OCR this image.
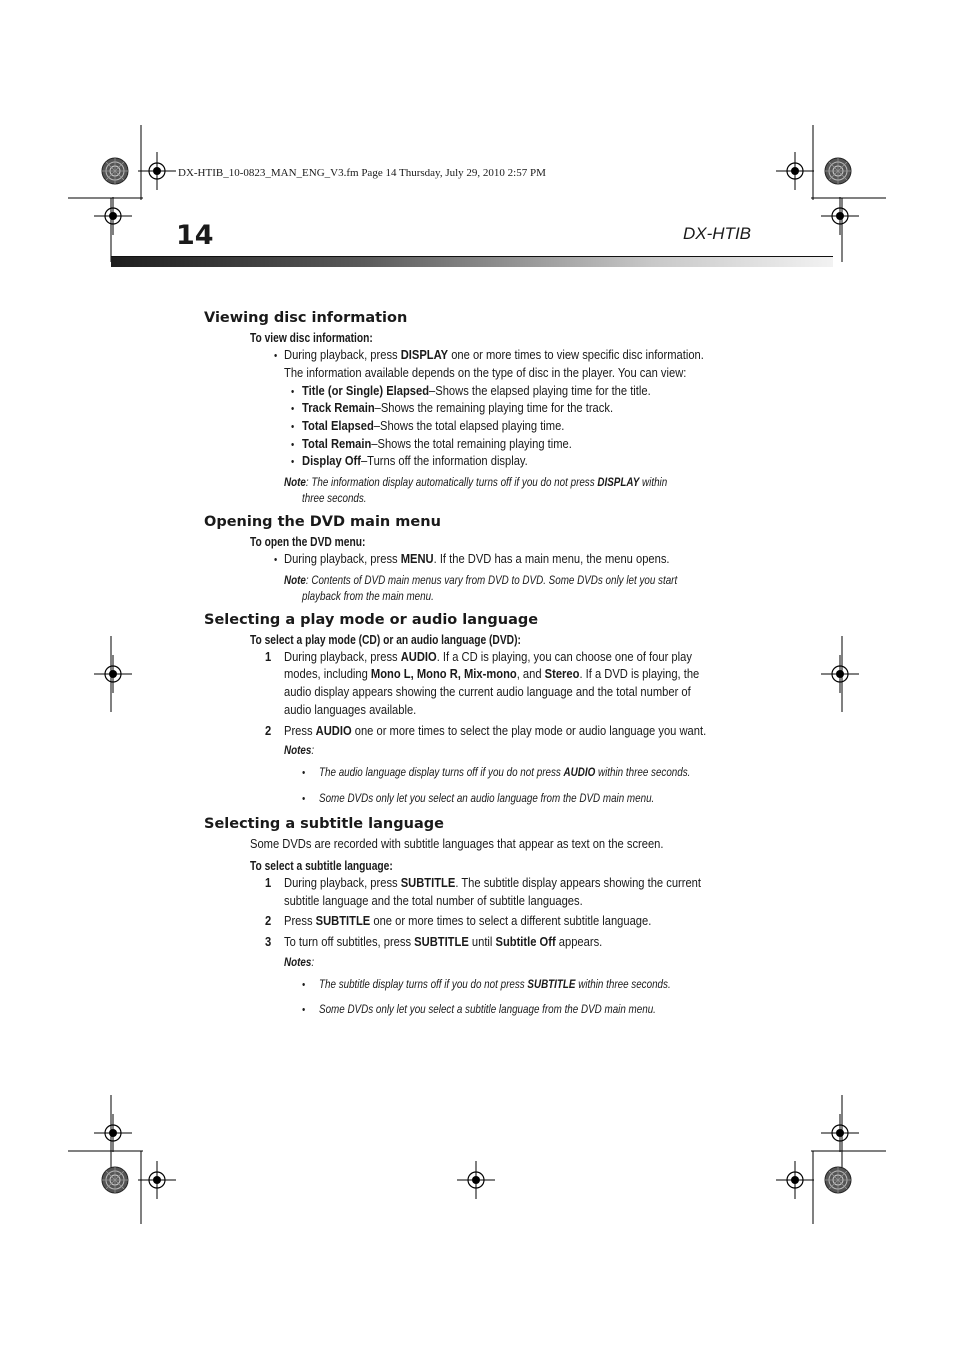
DX-HTIB_10-0823_MAN_ENG_V3.fm Page 14 Thursday, July 29, 2010 2:57 PM
14	DX-HTIB
Viewing disc information
To view disc information:
• During playback, press DISPLAY one or more times to view specific disc information.
The information available depends on the type of disc in the player. You can view:
• Title (or Single) Elapsed–Shows the elapsed playing time for the title.
• Track Remain–Shows the remaining playing time for the track.
• Total Elapsed–Shows the total elapsed playing time.
• Total Remain–Shows the total remaining playing time.
• Display Off–Turns off the information display.
Note: The information display automatically turns off if you do not press DISPLAY within
three seconds.
Opening the DVD main menu
To open the DVD menu:
• During playback, press MENU. If the DVD has a main menu, the menu opens.
Note: Contents of DVD main menus vary from DVD to DVD. Some DVDs only let you start
playback from the main menu.
Selecting a play mode or audio language
To select a play mode (CD) or an audio language (DVD):
1 During playback, press AUDIO. If a CD is playing, you can choose one of four play
modes, including Mono L, Mono R, Mix-mono, and Stereo. If a DVD is playing, the
audio display appears showing the current audio language and the total number of
audio languages available.
2 Press AUDIO one or more times to select the play mode or audio language you want.
Notes:
• The audio language display turns off if you do not press AUDIO within three seconds.
• Some DVDs only let you select an audio language from the DVD main menu.
Selecting a subtitle language
Some DVDs are recorded with subtitle languages that appear as text on the screen.
To select a subtitle language:
1 During playback, press SUBTITLE. The subtitle display appears showing the current
subtitle language and the total number of subtitle languages.
2 Press SUBTITLE one or more times to select a different subtitle language.
3 To turn off subtitles, press SUBTITLE until Subtitle Off appears.
Notes:
• The subtitle display turns off if you do not press SUBTITLE within three seconds.
• Some DVDs only let you select a subtitle language from the DVD main menu.
